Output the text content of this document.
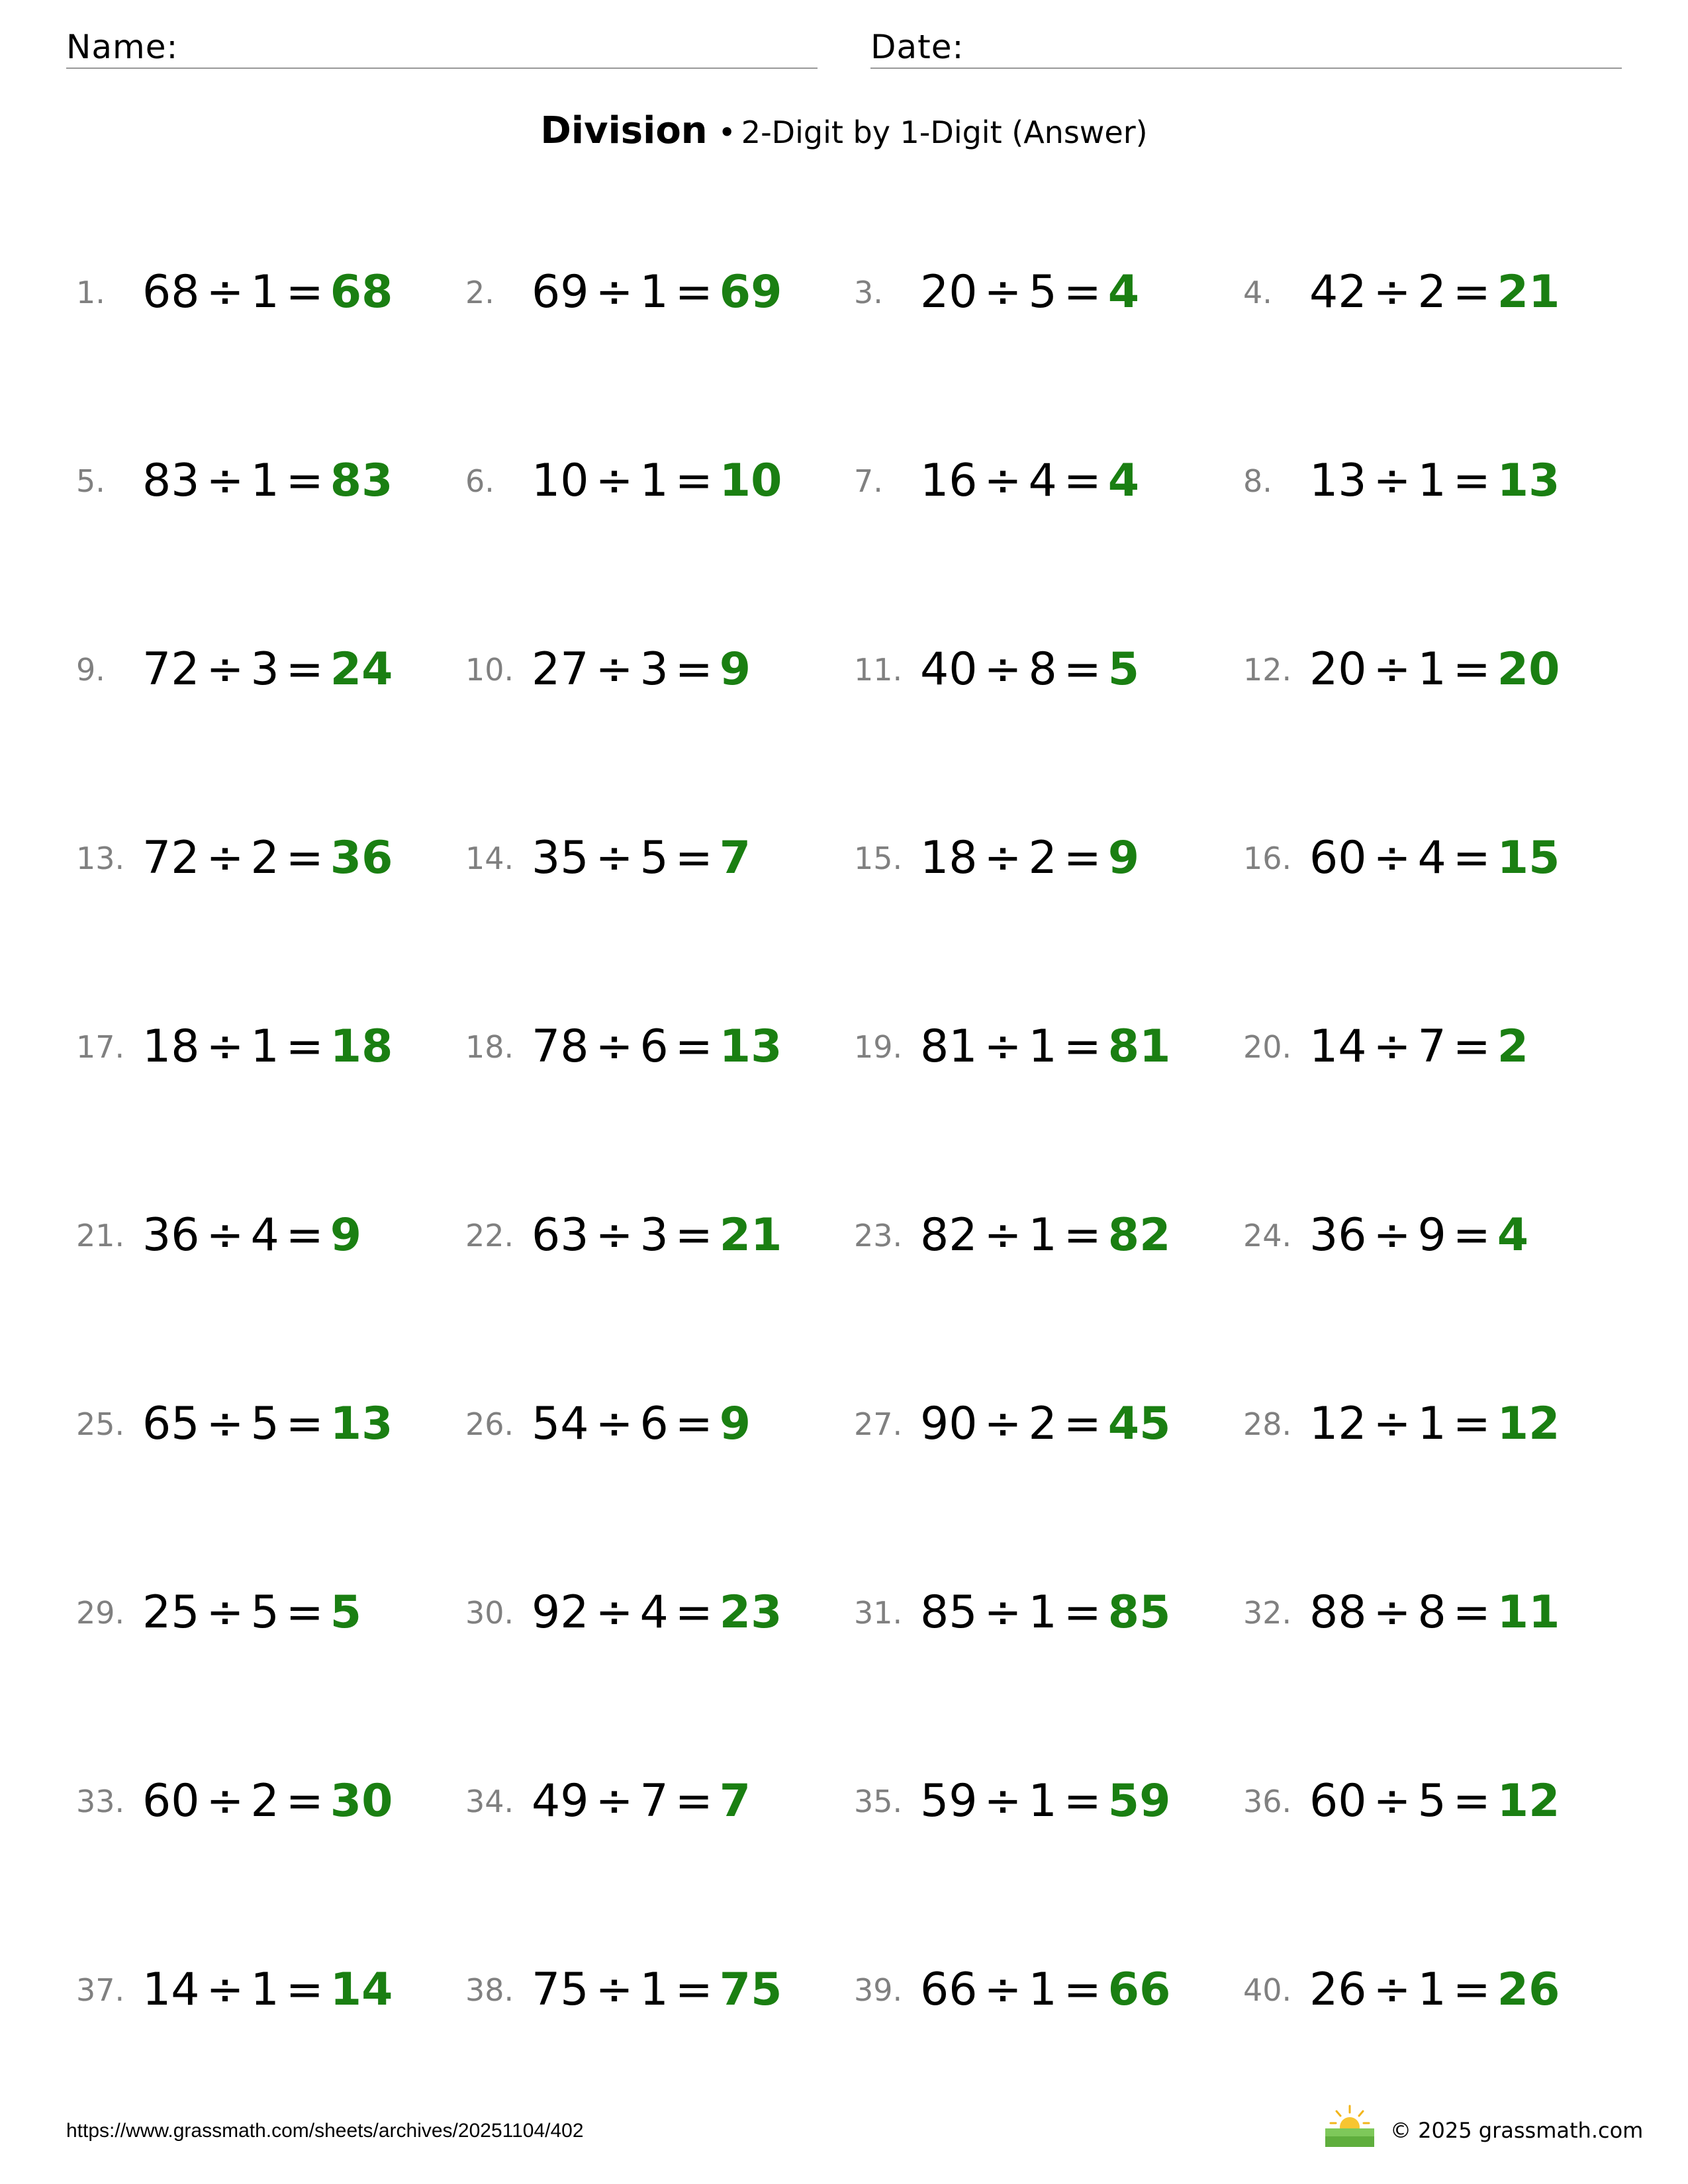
Name:	Date:
Division • 2-Digit by 1-Digit (Answer)
1. 68 ÷ 1 = 68 2. 69 ÷ 1 = 69 3. 20 ÷ 5 = 4	4. 42 ÷ 2 = 21
5. 83 ÷ 1 = 83 6. 10 ÷ 1 = 10 7. 16 ÷ 4 = 4	8. 13 ÷ 1 = 13
9. 72 ÷ 3 = 24 10. 27 ÷ 3 = 9	11. 40 ÷ 8 = 5	12. 20 ÷ 1 = 20
13. 72 ÷ 2 = 36 14. 35 ÷ 5 = 7	15. 18 ÷ 2 = 9	16. 60 ÷ 4 = 15
17. 18 ÷ 1 = 18 18. 78 ÷ 6 = 13 19. 81 ÷ 1 = 81 20. 14 ÷ 7 = 2
21. 36 ÷ 4 = 9	22. 63 ÷ 3 = 21 23. 82 ÷ 1 = 82 24. 36 ÷ 9 = 4
25. 65 ÷ 5 = 13 26. 54 ÷ 6 = 9	27. 90 ÷ 2 = 45 28. 12 ÷ 1 = 12
29. 25 ÷ 5 = 5	30. 92 ÷ 4 = 23 31. 85 ÷ 1 = 85 32. 88 ÷ 8 = 11
33. 60 ÷ 2 = 30 34. 49 ÷ 7 = 7	35. 59 ÷ 1 = 59 36. 60 ÷ 5 = 12
37. 14 ÷ 1 = 14 38. 75 ÷ 1 = 75 39. 66 ÷ 1 = 66 40. 26 ÷ 1 = 26
https://www.grassmath.com/sheets/archives/20251104/402	© 2025 grassmath.com
